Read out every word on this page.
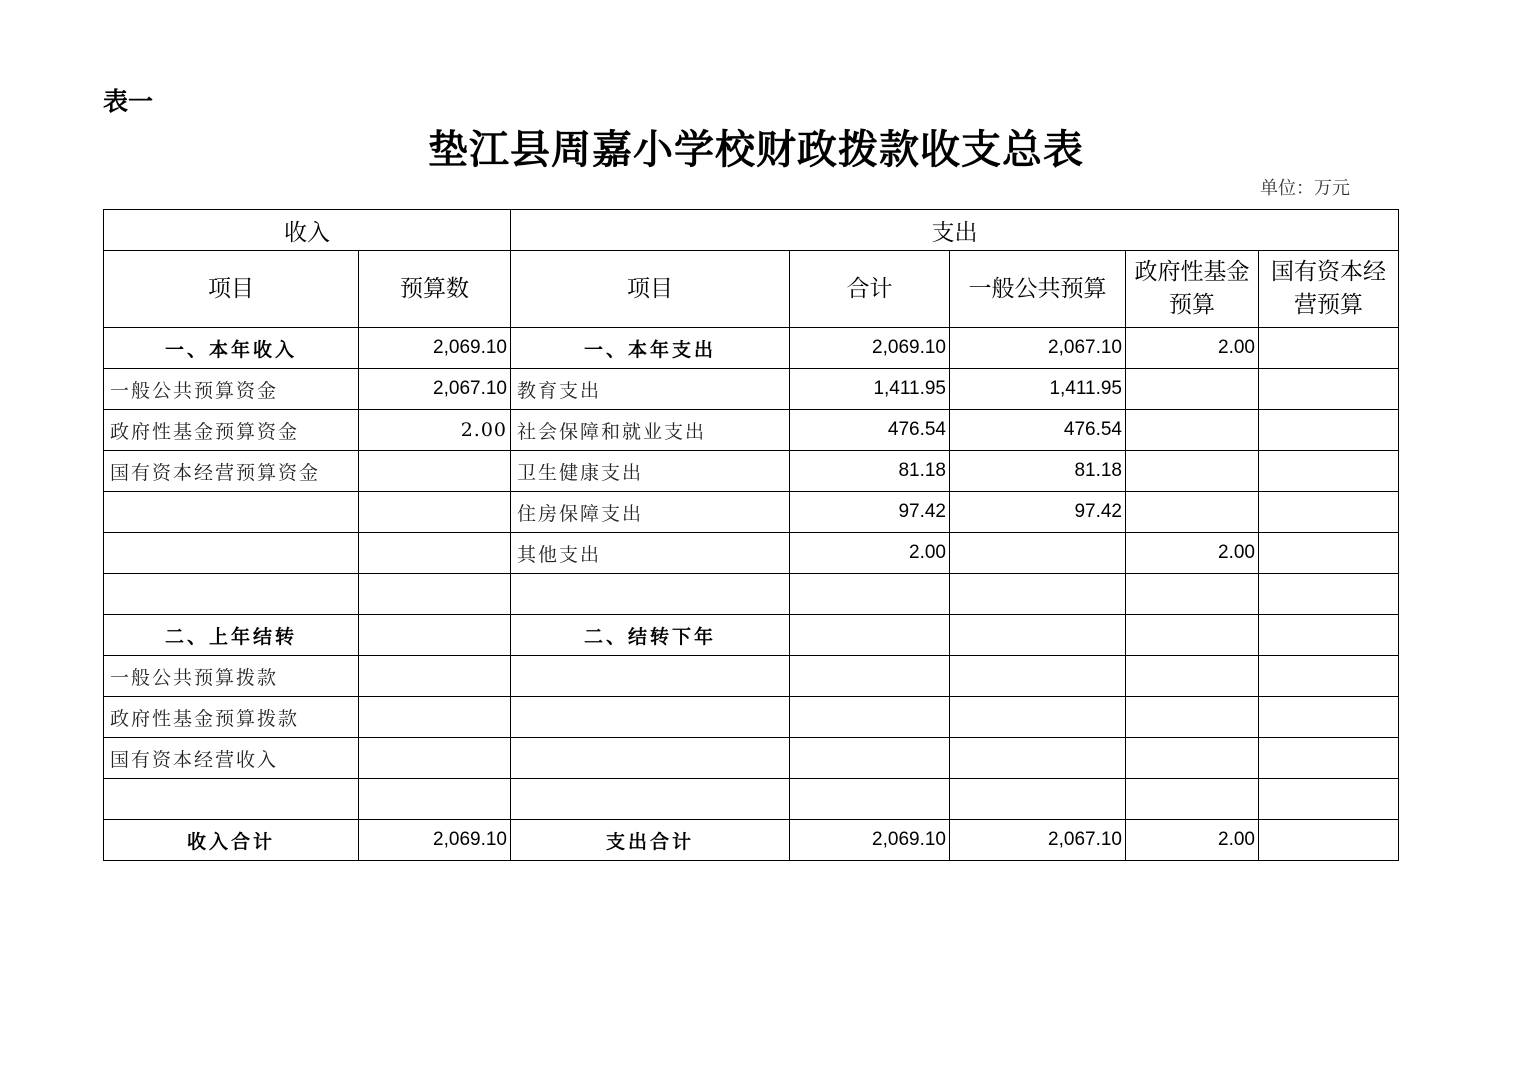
表一
垫江县周嘉小学校财政拨款收支总表
单位：万元
收入		支出				
项目	预算数	项目	合计	一般公共预算	政府性基金预算	国有资本经营预算
一、本年收入	2,069.10	一、本年支出	2,069.10	2,067.10	2.00	
一般公共预算资金	2,067.10	教育支出	1,411.95	1,411.95		
政府性基金预算资金	2.00	社会保障和就业支出	476.54	476.54		
国有资本经营预算资金		卫生健康支出	81.18	81.18		
		住房保障支出	97.42	97.42		
		其他支出	2.00		2.00	

二、上年结转		二、结转下年				
一般公共预算拨款						
政府性基金预算拨款						
国有资本经营收入						

收入合计	2,069.10	支出合计	2,069.10	2,067.10	2.00	
